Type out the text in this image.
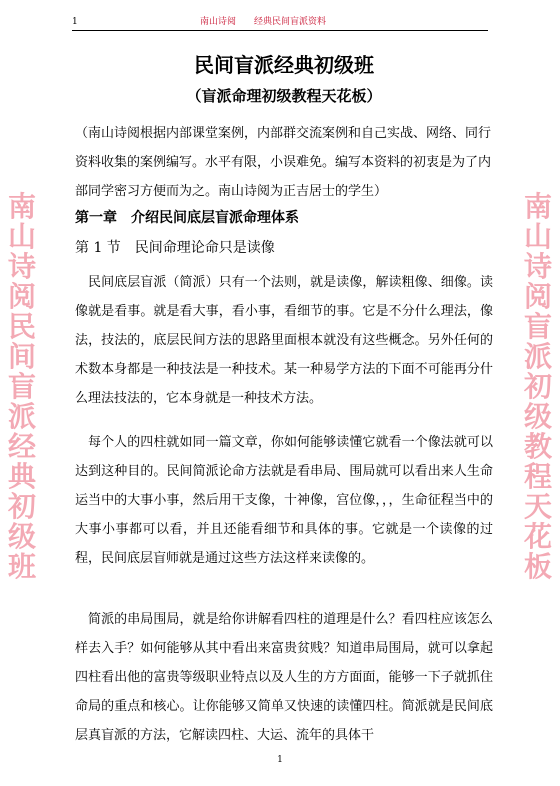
1	南山诗阅 经典民间盲派资料
南
山
诗
阅
民
间
盲
派
经
典
初
级
班
南
山
诗
阅
盲
派
初
级
教
程
天
花
板
民间盲派经典初级班
（盲派命理初级教程天花板）

（南山诗阅根据内部课堂案例，内部群交流案例和自己实战、网络、同行资料收集的案例编写。水平有限，小误难免。编写本资料的初衷是为了内部同学密习方便而为之。南山诗阅为正吉居士的学生）

第一章　介绍民间底层盲派命理体系
第 1 节　民间命理论命只是读像

民间底层盲派（简派）只有一个法则，就是读像，解读粗像、细像。读像就是看事。就是看大事，看小事，看细节的事。它是不分什么理法，像法，技法的，底层民间方法的思路里面根本就没有这些概念。另外任何的术数本身都是一种技法是一种技术。某一种易学方法的下面不可能再分什么理法技法的，它本身就是一种技术方法。

每个人的四柱就如同一篇文章，你如何能够读懂它就看一个像法就可以达到这种目的。民间简派论命方法就是看串局、围局就可以看出来人生命运当中的大事小事，然后用干支像，十神像，宫位像，，，生命征程当中的大事小事都可以看，并且还能看细节和具体的事。它就是一个读像的过程，民间底层盲师就是通过这些方法这样来读像的。

简派的串局围局，就是给你讲解看四柱的道理是什么？看四柱应该怎么样去入手？如何能够从其中看出来富贵贫贱？知道串局围局，就可以拿起四柱看出他的富贵等级职业特点以及人生的方方面面，能够一下子就抓住命局的重点和核心。让你能够又简单又快速的读懂四柱。简派就是民间底层真盲派的方法，它解读四柱、大运、流年的具体干

1
